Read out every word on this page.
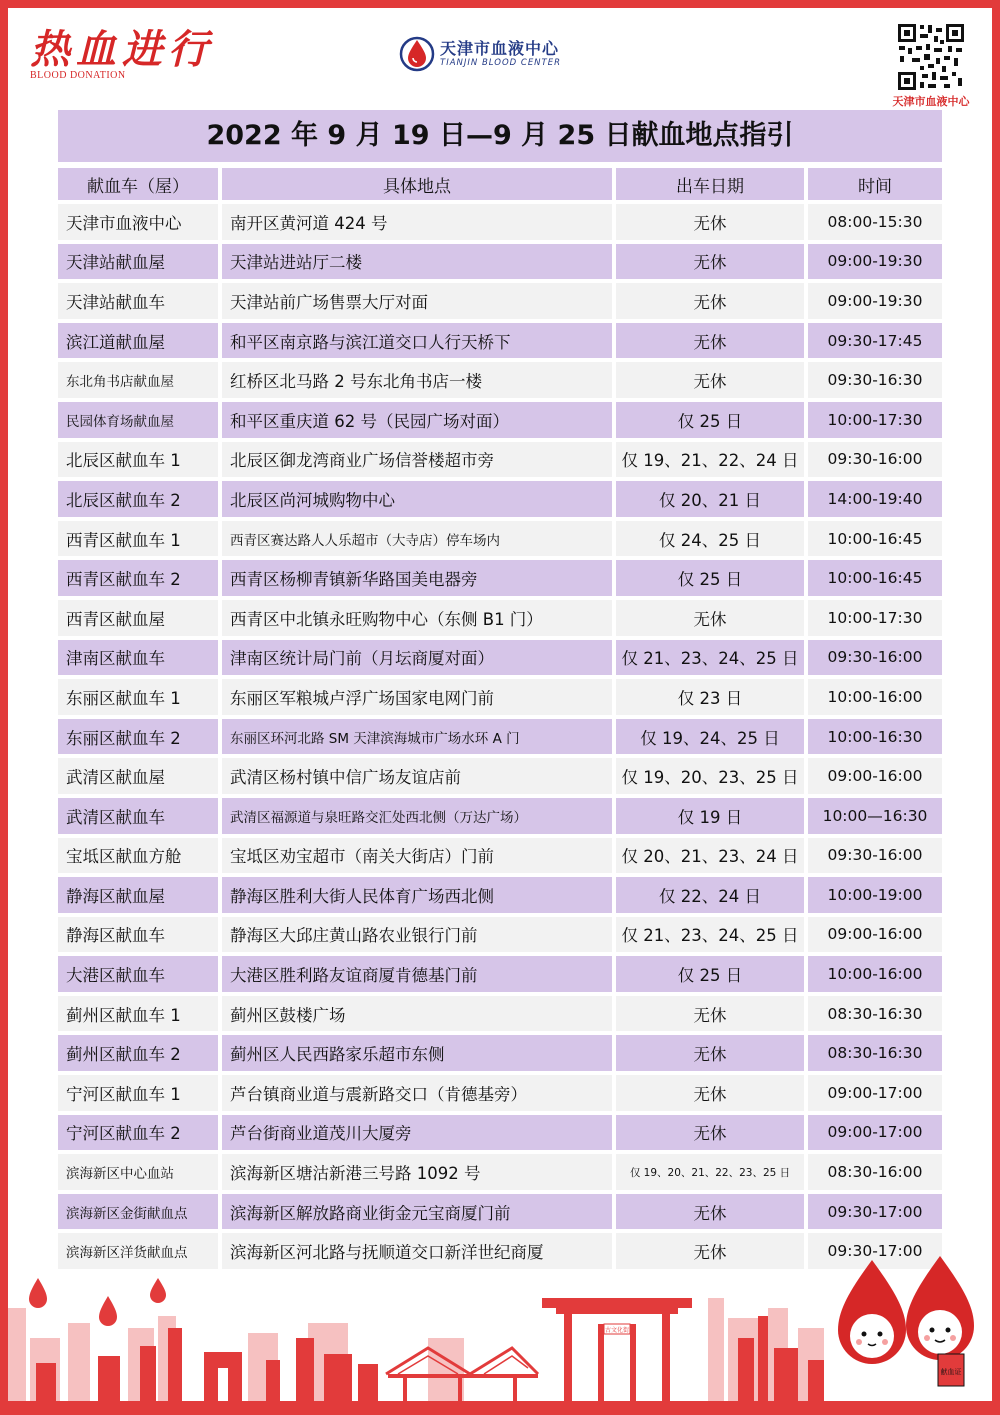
热血进行
BLOOD DONATION
天津市血液中心
TIANJIN BLOOD CENTER
天津市血液中心
2022 年 9 月 19 日—9 月 25 日献血地点指引
献血车（屋）	具体地点	出车日期	时间
天津市血液中心	南开区黄河道 424 号	无休	08:00-15:30
天津站献血屋	天津站进站厅二楼	无休	09:00-19:30
天津站献血车	天津站前广场售票大厅对面	无休	09:00-19:30
滨江道献血屋	和平区南京路与滨江道交口人行天桥下	无休	09:30-17:45
东北角书店献血屋	红桥区北马路 2 号东北角书店一楼	无休	09:30-16:30
民园体育场献血屋	和平区重庆道 62 号（民园广场对面）	仅 25 日	10:00-17:30
北辰区献血车 1	北辰区御龙湾商业广场信誉楼超市旁	仅 19、21、22、24 日	09:30-16:00
北辰区献血车 2	北辰区尚河城购物中心	仅 20、21 日	14:00-19:40
西青区献血车 1	西青区赛达路人人乐超市（大寺店）停车场内	仅 24、25 日	10:00-16:45
西青区献血车 2	西青区杨柳青镇新华路国美电器旁	仅 25 日	10:00-16:45
西青区献血屋	西青区中北镇永旺购物中心（东侧 B1 门）	无休	10:00-17:30
津南区献血车	津南区统计局门前（月坛商厦对面）	仅 21、23、24、25 日	09:30-16:00
东丽区献血车 1	东丽区军粮城卢浮广场国家电网门前	仅 23 日	10:00-16:00
东丽区献血车 2	东丽区环河北路 SM 天津滨海城市广场水环 A 门	仅 19、24、25 日	10:00-16:30
武清区献血屋	武清区杨村镇中信广场友谊店前	仅 19、20、23、25 日	09:00-16:00
武清区献血车	武清区福源道与泉旺路交汇处西北侧（万达广场）	仅 19 日	10:00—16:30
宝坻区献血方舱	宝坻区劝宝超市（南关大街店）门前	仅 20、21、23、24 日	09:30-16:00
静海区献血屋	静海区胜利大街人民体育广场西北侧	仅 22、24 日	10:00-19:00
静海区献血车	静海区大邱庄黄山路农业银行门前	仅 21、23、24、25 日	09:00-16:00
大港区献血车	大港区胜利路友谊商厦肯德基门前	仅 25 日	10:00-16:00
蓟州区献血车 1	蓟州区鼓楼广场	无休	08:30-16:30
蓟州区献血车 2	蓟州区人民西路家乐超市东侧	无休	08:30-16:30
宁河区献血车 1	芦台镇商业道与震新路交口（肯德基旁）	无休	09:00-17:00
宁河区献血车 2	芦台街商业道茂川大厦旁	无休	09:00-17:00
滨海新区中心血站	滨海新区塘沽新港三号路 1092 号	仅 19、20、21、22、23、25 日	08:30-16:00
滨海新区金街献血点	滨海新区解放路商业街金元宝商厦门前	无休	09:30-17:00
滨海新区洋货献血点	滨海新区河北路与抚顺道交口新洋世纪商厦	无休	09:30-17:00
古文化街
献血证
